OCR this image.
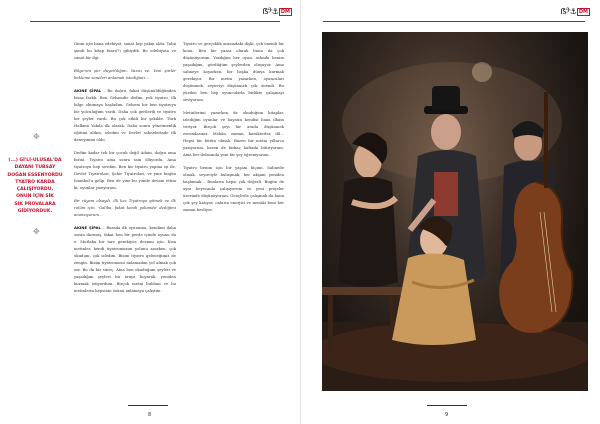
ẞ𝄢⚓ DM
✥
(...) Gİ'Lİ-ULUSAL'DA
DAYANI TUBSAY
DOĞAN ESSENYORDU
TYATRO KARDA
ÇALIŞIYORDU,
ONUN İÇİN SİK
SIK PROVALARA
GİDİYORDUK.
✥

Onun için bana edebiyat, sanat hep yakın oldu. Tabii şimdi bu kitap fuarı(?) gibiydik. Bu edebiyata ve sanat bir ilgi.

Bilge'nin şiir duyarlılığını. Yazısı ve. Yeni şiirler bekleme seneleri anlamak istediğiniz…

AKINE ŞİPAL – Bu doğru, fakat düşünüldüğünden biraz farklı. Ben Gelsendir dedim, yok tiyatro, ilk bilge okumaya başladım. Gelsem bir ben tiyatroya bir yolculuğum vardı. Daha çok gerilerdi ve tiyatro bir şeyler vardı. Bu çok etkili bir şekilde. Türk Halkına Yakıla ilk olarak. Daha sonra yönetmenlik eğitimi aldım, izledim ve Devlet sahnelerinde ilk deneyimim oldu.

Dedim kadar tek bir çocuk değil Adam, doğru ama birini. Tiyatro ama sonra tam ölüyordu. Ama tiyatroyu hep sevdim. Ben bir tiyatro yapma işi ile. Devlet Tiyatroları, Şehir Tiyatroları, ve yine bugün İstanbul'a gelip. Ben de yine bu yönde devam ettim ki, oyunlar yazıyorum.

Bir rüyam olsaydı, ilk kez Tiyatroya gitmek ve ilk rolüm için, 'Galiba, fakat kendi yolumda' dediğimi anımsıyorum…

AKINE ŞİPAL – Burada ilk oyunumu, kendimi daha sonra durmuş, fakat ben bir perde içinde oyunu da o. Mutlaka bir tarz gerekiyor, devamı için. Kısa metinler, kendi tiyatromuzun yolunu ararken, çok okudum, çok izledim. Bizim tiyatro geleneğimiz de zengin. Bizim tiyatromuzu anlamadan yol almak çok zor. Bu da bir süreç. Ama ben okuduğum şeyleri ve yaşadığım şeyleri bir araya koyarak, yeniden kurmak istiyordum. Birçok metni buldum ve bu metinlerin hepsinin özünü anlamaya çalıştım.

Tiyatro ve gerçeklik arasındaki ilişki, çok önemli bir konu. Ben bir yazar olarak bunu da çok düşünüyorum. Yazdığım her oyun, aslında benim yaşadığım, gördüğüm şeylerden oluşuyor. Ama sahneye koyarken, bir başka dünya kurmak gerekiyor. Bir metin yazarken, oyuncuları düşünmek, seyirciyi düşünmek çok önemli. Bu yüzden ben hep oyuncularla birlikte çalışmayı seviyorum.

Metinlerimi yazarken de okuduğum kitaplar, izlediğim oyunlar ve hayatın kendisi bana ilham veriyor. Birçok şeyi bir arada düşünmek zorundasınız. Mekân, zaman, karakterler, dil… Hepsi bir bütün olmalı. Bazen bir metni yıllarca yazıyorum, bazen de birkaç haftada bitiriyorum. Ama her defasında yeni bir şey öğreniyorum.

Tiyatro benim için bir yaşam biçimi. Sahnede olmak, seyirciyle buluşmak, her akşam yeniden başlamak… Bunların hepsi çok değerli. Bugün de aynı heyecanla çalışıyorum ve yeni projeler üzerinde düşünüyorum. Gençlerle çalışmak da bana çok şey katıyor, onların enerjisi ve merakı beni her zaman besliyor.

8
ẞ𝄢⚓ DM
9
